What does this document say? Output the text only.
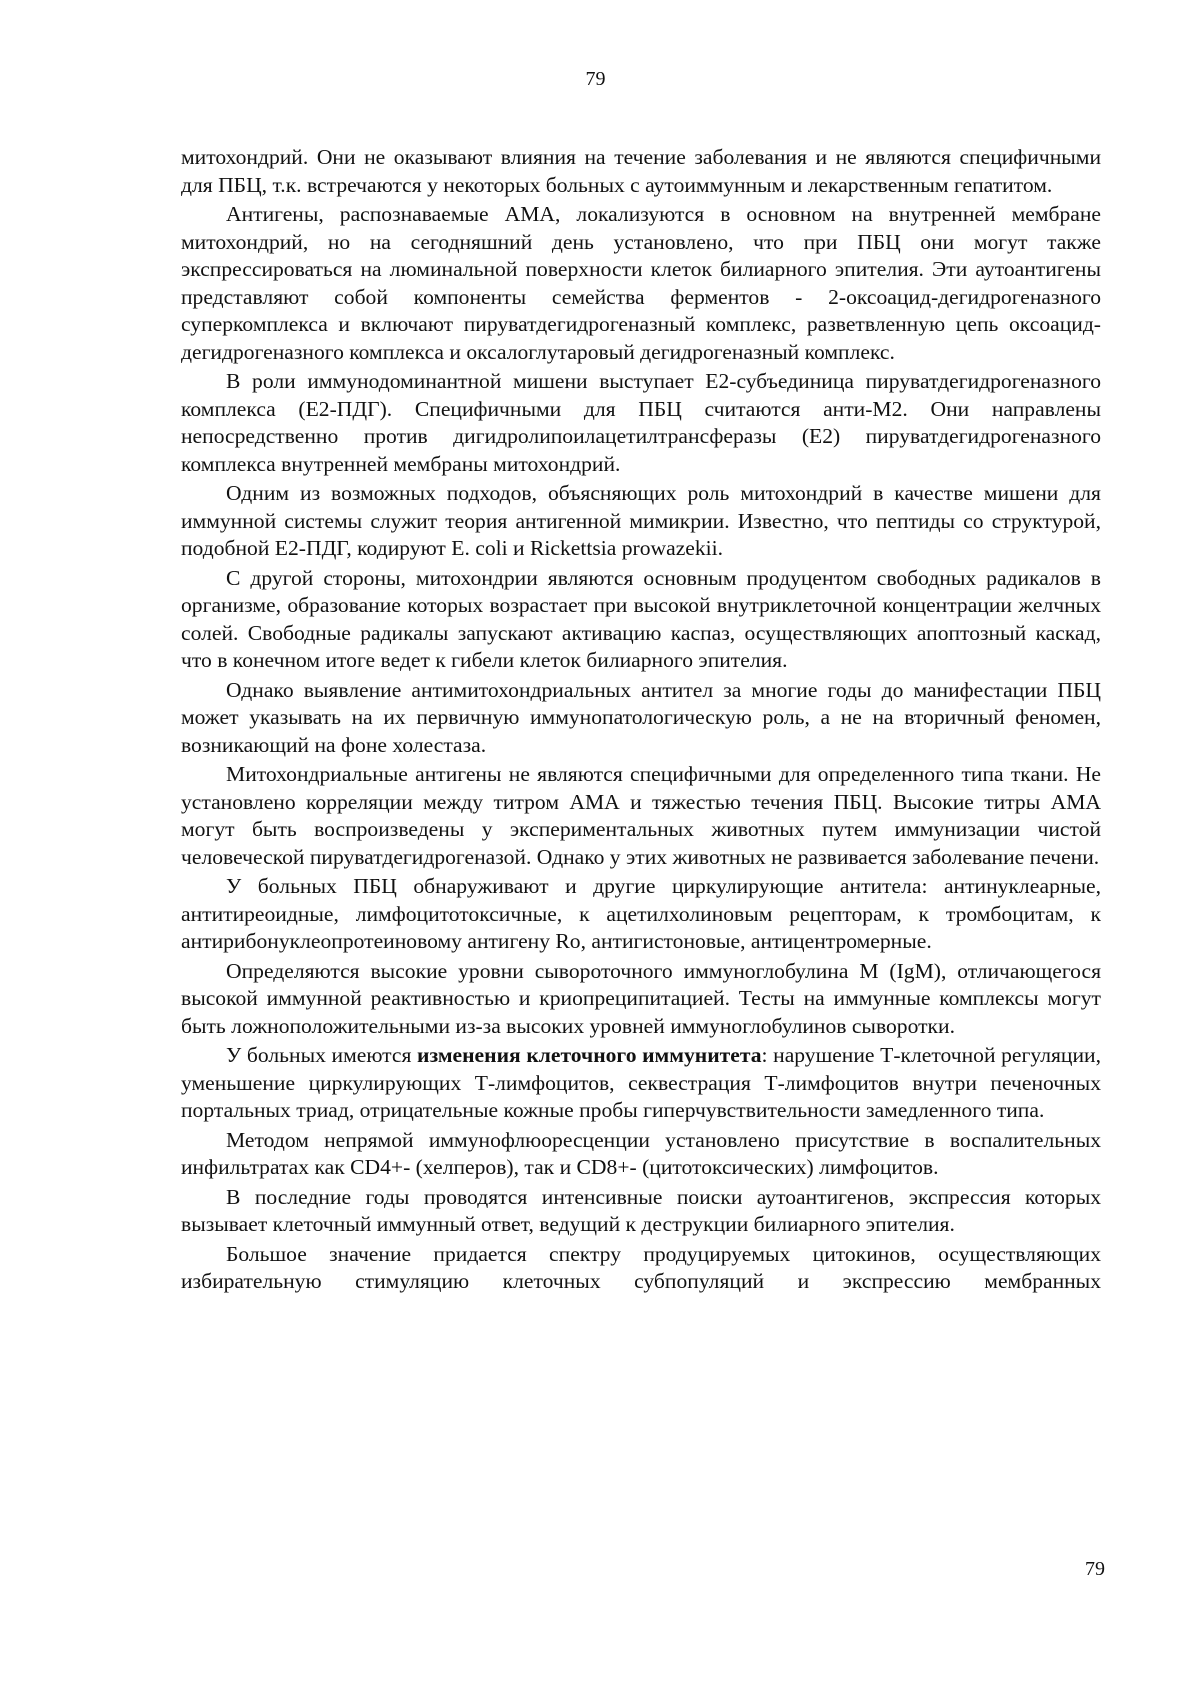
79

митохондрий. Они не оказывают влияния на течение заболевания и не являются специфичными для ПБЦ, т.к. встречаются у некоторых больных с аутоиммунным и лекарственным гепатитом.

Антигены, распознаваемые АМА, локализуются в основном на внутренней мембране митохондрий, но на сегодняшний день установлено, что при ПБЦ они могут также экспрессироваться на люминальной поверхности клеток билиарного эпителия. Эти аутоантигены представляют собой компоненты семейства ферментов - 2-оксоацид-дегидрогеназного суперкомплекса и включают пируватдегидрогеназный комплекс, разветвленную цепь оксоацид-дегидрогеназного комплекса и оксалоглутаровый дегидрогеназный комплекс.

В роли иммунодоминантной мишени выступает Е2-субъединица пируватдегидрогеназного комплекса (Е2-ПДГ). Специфичными для ПБЦ считаются анти-М2. Они направлены непосредственно против дигидролипоилацетилтрансферазы (Е2) пируватдегидрогеназного комплекса внутренней мембраны митохондрий.

Одним из возможных подходов, объясняющих роль митохондрий в качестве мишени для иммунной системы служит теория антигенной мимикрии. Известно, что пептиды со структурой, подобной Е2-ПДГ, кодируют E. coli и Rickettsia prowazekii.

С другой стороны, митохондрии являются основным продуцентом свободных радикалов в организме, образование которых возрастает при высокой внутриклеточной концентрации желчных солей. Свободные радикалы запускают активацию каспаз, осуществляющих апоптозный каскад, что в конечном итоге ведет к гибели клеток билиарного эпителия.

Однако выявление антимитохондриальных антител за многие годы до манифестации ПБЦ может указывать на их первичную иммунопатологическую роль, а не на вторичный феномен, возникающий на фоне холестаза.

Митохондриальные антигены не являются специфичными для определенного типа ткани. Не установлено корреляции между титром АМА и тяжестью течения ПБЦ. Высокие титры АМА могут быть воспроизведены у экспериментальных животных путем иммунизации чистой человеческой пируватдегидрогеназой. Однако у этих животных не развивается заболевание печени.

У больных ПБЦ обнаруживают и другие циркулирующие антитела: антинуклеарные, антитиреоидные, лимфоцитотоксичные, к ацетилхолиновым рецепторам, к тромбоцитам, к антирибонуклеопротеиновому антигену Ro, антигистоновые, антицентромерные.

Определяются высокие уровни сывороточного иммуноглобулина М (IgM), отличающегося высокой иммунной реактивностью и криопреципитацией. Тесты на иммунные комплексы могут быть ложноположительными из-за высоких уровней иммуноглобулинов сыворотки.

У больных имеются изменения клеточного иммунитета: нарушение Т-клеточной регуляции, уменьшение циркулирующих Т-лимфоцитов, секвестрация Т-лимфоцитов внутри печеночных портальных триад, отрицательные кожные пробы гиперчувствительности замедленного типа.

Методом непрямой иммунофлюоресценции установлено присутствие в воспалительных инфильтратах как CD4+- (хелперов), так и CD8+- (цитотоксических) лимфоцитов.

В последние годы проводятся интенсивные поиски аутоантигенов, экспрессия которых вызывает клеточный иммунный ответ, ведущий к деструкции билиарного эпителия.

Большое значение придается спектру продуцируемых цитокинов, осуществляющих избирательную стимуляцию клеточных субпопуляций и экспрессию мембранных

79
